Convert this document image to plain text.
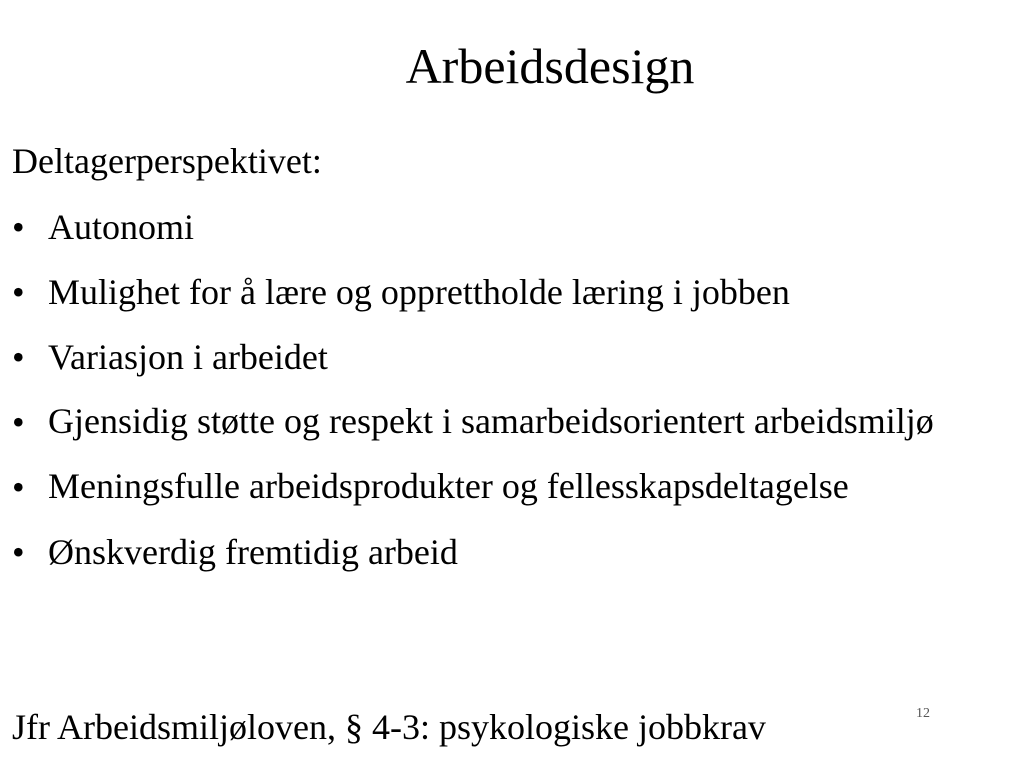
Arbeidsdesign

Deltagerperspektivet:

• Autonomi
• Mulighet for å lære og opprettholde læring i jobben
• Variasjon i arbeidet
• Gjensidig støtte og respekt i samarbeidsorientert arbeidsmiljø
• Meningsfulle arbeidsprodukter og fellesskapsdeltagelse
• Ønskverdig fremtidig arbeid

Jfr Arbeidsmiljøloven, § 4-3: psykologiske jobbkrav	12
